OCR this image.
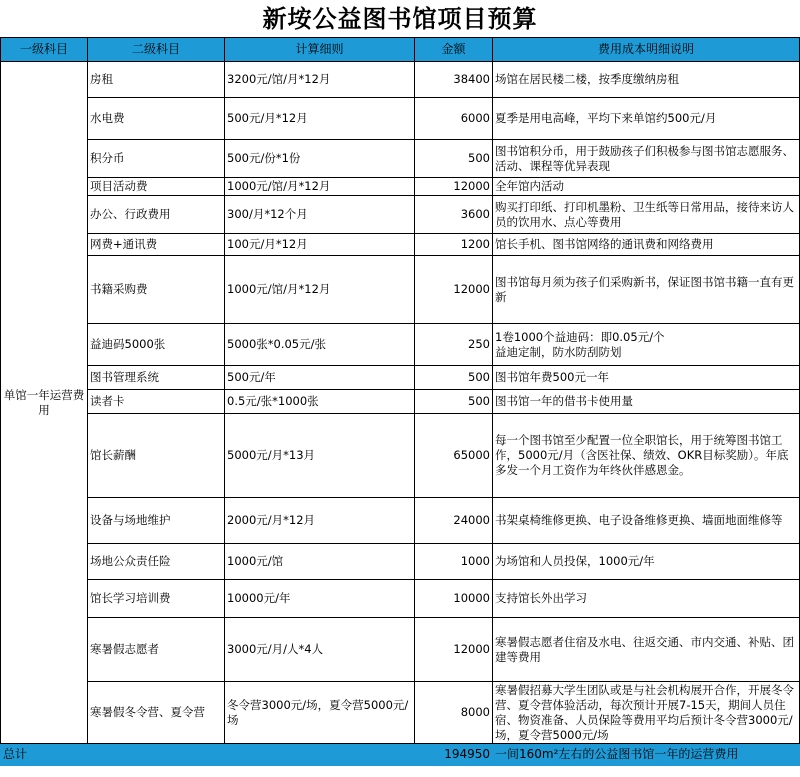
新垵公益图书馆项目预算
一级科目	二级科目	计算细则	金额	费用成本明细说明
单馆一年运营费用	房租	3200元/馆/月*12月	38400	场馆在居民楼二楼，按季度缴纳房租
	水电费	500元/月*12月	6000	夏季是用电高峰，平均下来单馆约500元/月
	积分币	500元/份*1份	500	图书馆积分币，用于鼓励孩子们积极参与图书馆志愿服务、活动、课程等优异表现
	项目活动费	1000元/馆/月*12月	12000	全年馆内活动
	办公、行政费用	300/月*12个月	3600	购买打印纸、打印机墨粉、卫生纸等日常用品，接待来访人员的饮用水、点心等费用
	网费+通讯费	100元/月*12月	1200	馆长手机、图书馆网络的通讯费和网络费用
	书籍采购费	1000元/馆/月*12月	12000	图书馆每月须为孩子们采购新书，保证图书馆书籍一直有更新
	益迪码5000张	5000张*0.05元/张	250	1卷1000个益迪码：即0.05元/个
益迪定制，防水防刮防划

	图书管理系统	500元/年	500	图书馆年费500元一年
	读者卡	0.5元/张*1000张	500	图书馆一年的借书卡使用量
	馆长薪酬	5000元/月*13月	65000	每一个图书馆至少配置一位全职馆长，用于统筹图书馆工作，5000元/月（含医社保、绩效、OKR目标奖励）。年底多发一个月工资作为年终伙伴感恩金。
	设备与场地维护	2000元/月*12月	24000	书架桌椅维修更换、电子设备维修更换、墙面地面维修等
	场地公众责任险	1000元/馆	1000	为场馆和人员投保，1000元/年
	馆长学习培训费	10000元/年	10000	支持馆长外出学习
	寒暑假志愿者	3000元/月/人*4人	12000	寒暑假志愿者住宿及水电、往返交通、市内交通、补贴、团建等费用
	寒暑假冬令营、夏令营	冬令营3000元/场，夏令营5000元/场	8000	寒暑假招募大学生团队或是与社会机构展开合作，开展冬令营、夏令营体验活动，每次预计开展7-15天，期间人员住宿、物资准备、人员保险等费用平均后预计冬令营3000元/场，夏令营5000元/场
总计			194950	一间160m²左右的公益图书馆一年的运营费用
